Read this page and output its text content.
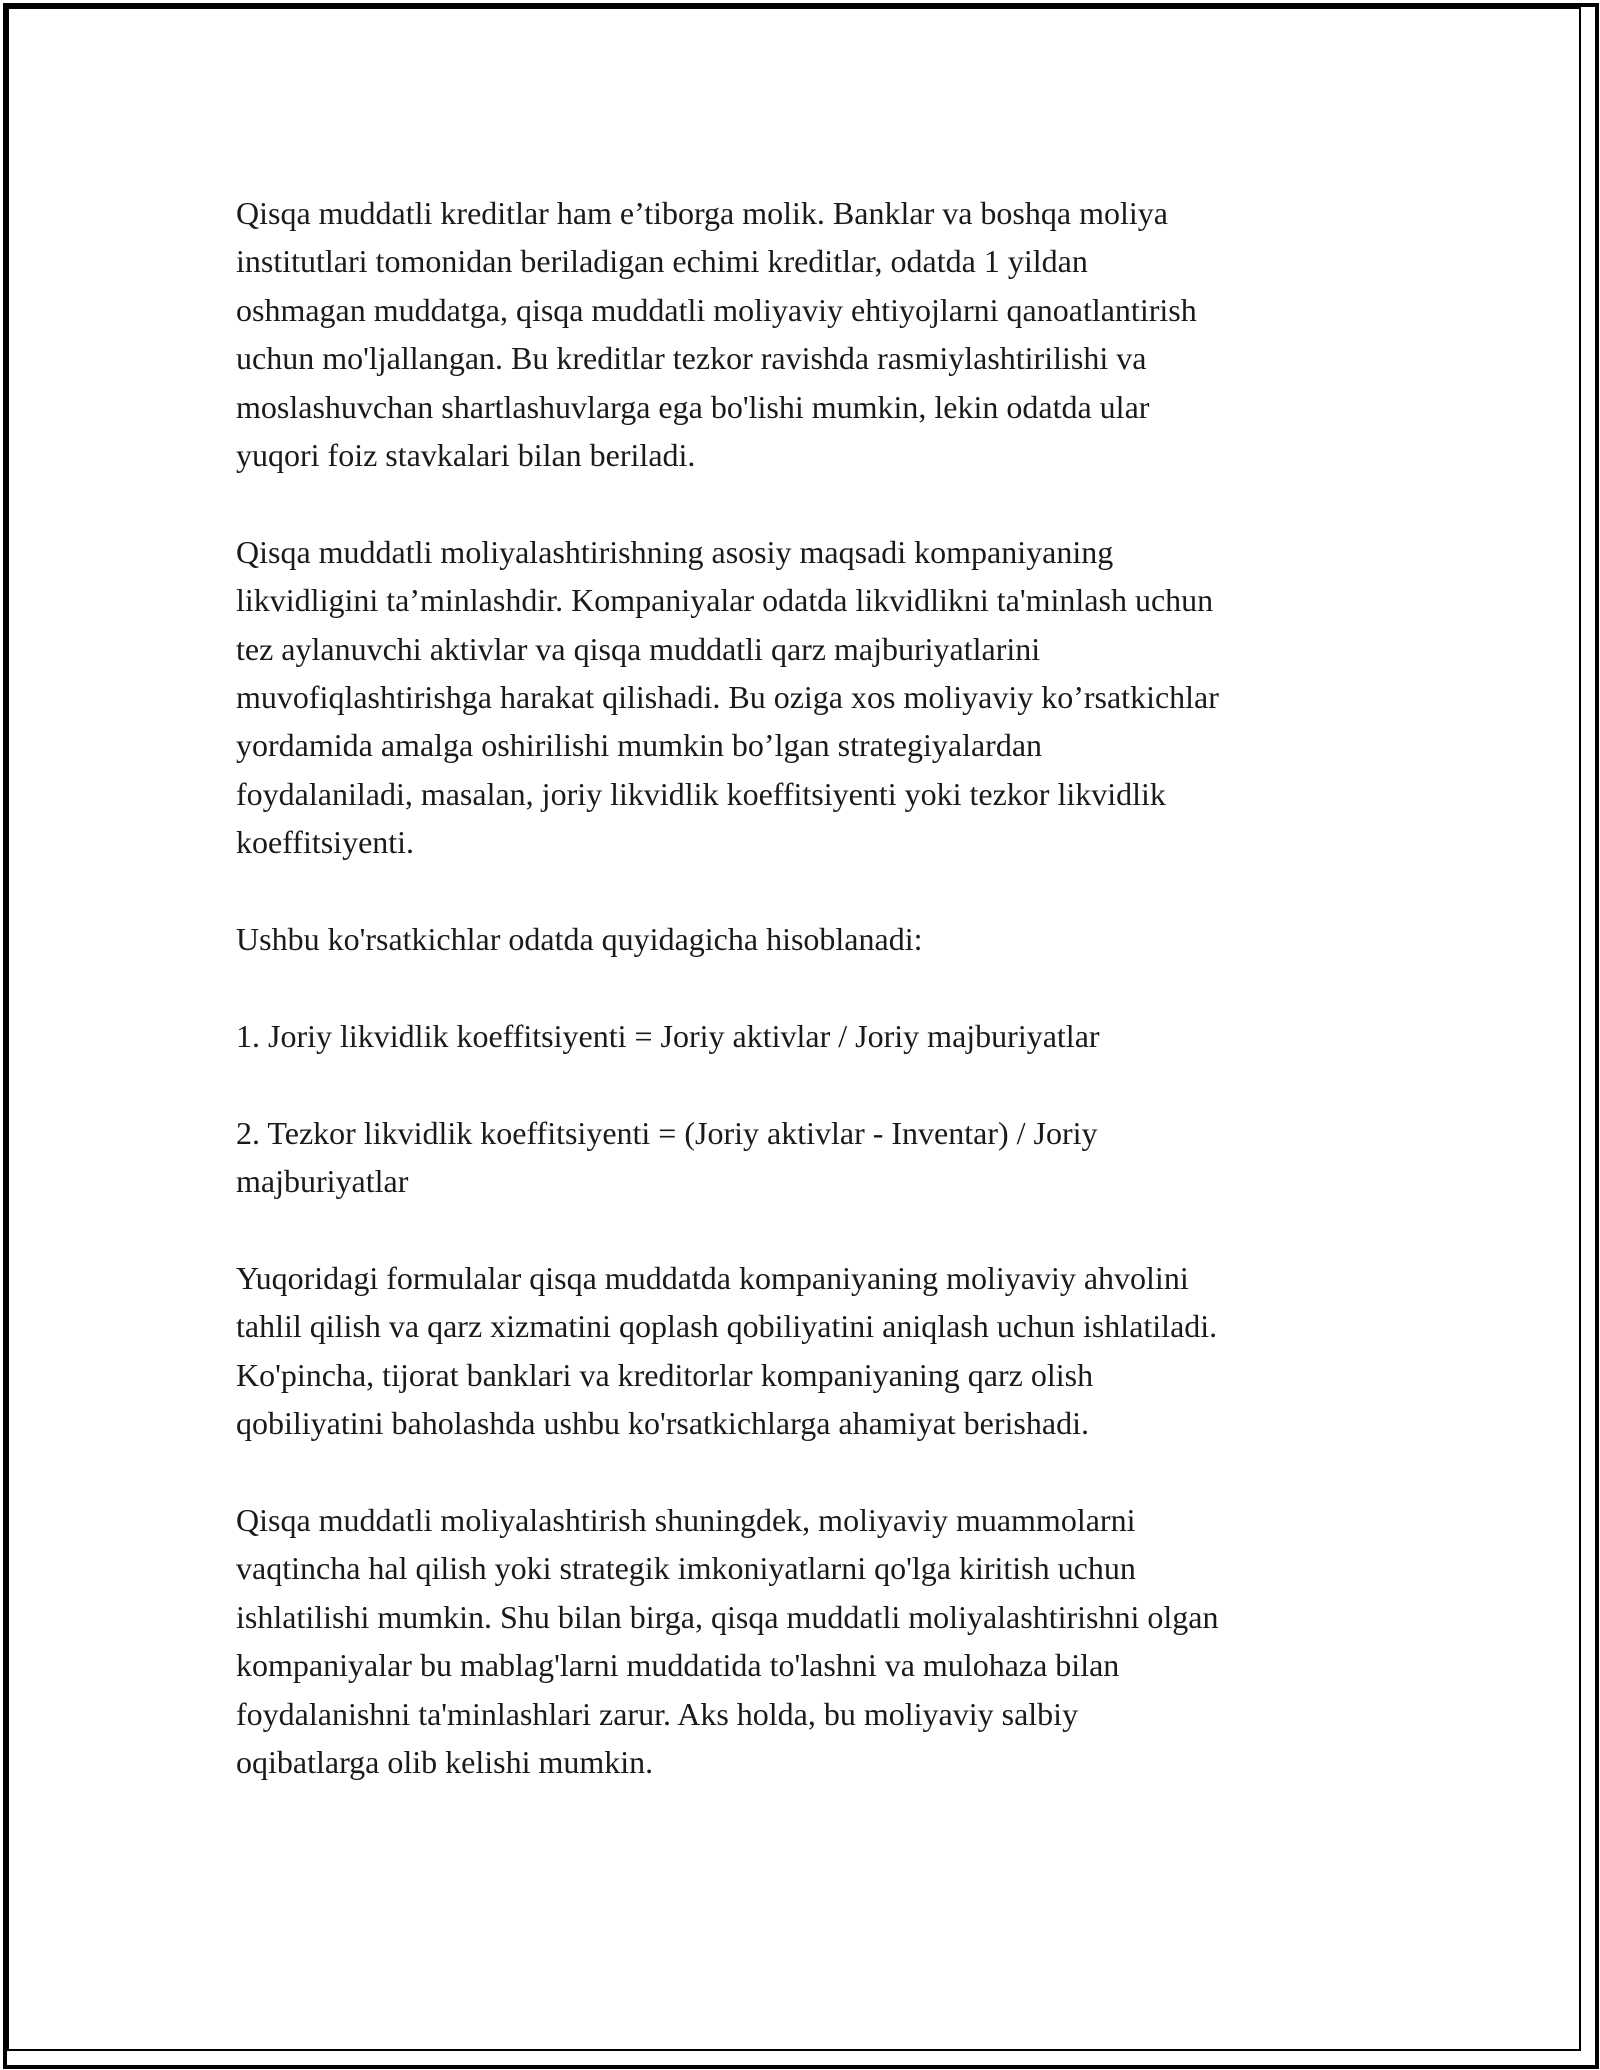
Qisqa muddatli kreditlar ham e’tiborga molik. Banklar va boshqa moliya
institutlari tomonidan beriladigan echimi kreditlar, odatda 1 yildan
oshmagan muddatga, qisqa muddatli moliyaviy ehtiyojlarni qanoatlantirish
uchun mo'ljallangan. Bu kreditlar tezkor ravishda rasmiylashtirilishi va
moslashuvchan shartlashuvlarga ega bo'lishi mumkin, lekin odatda ular
yuqori foiz stavkalari bilan beriladi.

Qisqa muddatli moliyalashtirishning asosiy maqsadi kompaniyaning
likvidligini ta’minlashdir. Kompaniyalar odatda likvidlikni ta'minlash uchun
tez aylanuvchi aktivlar va qisqa muddatli qarz majburiyatlarini
muvofiqlashtirishga harakat qilishadi. Bu oziga xos moliyaviy ko’rsatkichlar
yordamida amalga oshirilishi mumkin bo’lgan strategiyalardan
foydalaniladi, masalan, joriy likvidlik koeffitsiyenti yoki tezkor likvidlik
koeffitsiyenti.

Ushbu ko'rsatkichlar odatda quyidagicha hisoblanadi:

1. Joriy likvidlik koeffitsiyenti = Joriy aktivlar / Joriy majburiyatlar

2. Tezkor likvidlik koeffitsiyenti = (Joriy aktivlar - Inventar) / Joriy
majburiyatlar

Yuqoridagi formulalar qisqa muddatda kompaniyaning moliyaviy ahvolini
tahlil qilish va qarz xizmatini qoplash qobiliyatini aniqlash uchun ishlatiladi.
Ko'pincha, tijorat banklari va kreditorlar kompaniyaning qarz olish
qobiliyatini baholashda ushbu ko'rsatkichlarga ahamiyat berishadi.

Qisqa muddatli moliyalashtirish shuningdek, moliyaviy muammolarni
vaqtincha hal qilish yoki strategik imkoniyatlarni qo'lga kiritish uchun
ishlatilishi mumkin. Shu bilan birga, qisqa muddatli moliyalashtirishni olgan
kompaniyalar bu mablag'larni muddatida to'lashni va mulohaza bilan
foydalanishni ta'minlashlari zarur. Aks holda, bu moliyaviy salbiy
oqibatlarga olib kelishi mumkin.
